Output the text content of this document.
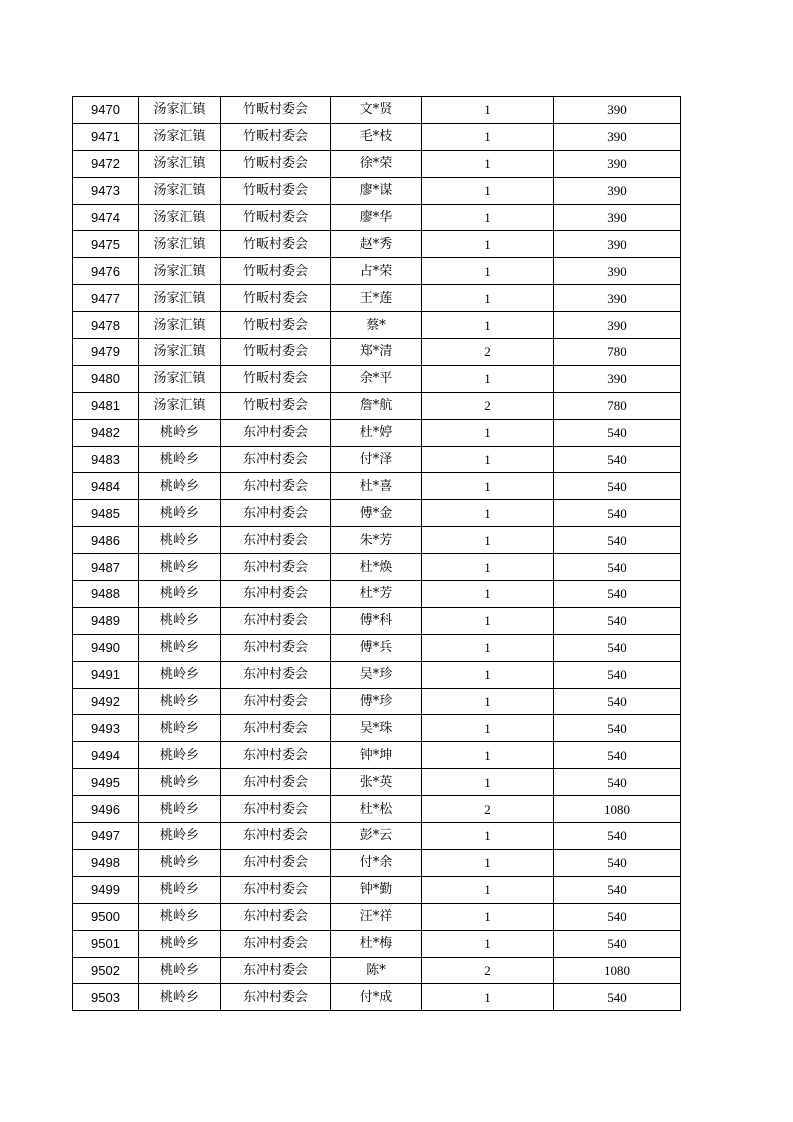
9470	汤家汇镇	竹畈村委会	文*贤	1	390
9471	汤家汇镇	竹畈村委会	毛*枝	1	390
9472	汤家汇镇	竹畈村委会	徐*荣	1	390
9473	汤家汇镇	竹畈村委会	廖*谋	1	390
9474	汤家汇镇	竹畈村委会	廖*华	1	390
9475	汤家汇镇	竹畈村委会	赵*秀	1	390
9476	汤家汇镇	竹畈村委会	占*荣	1	390
9477	汤家汇镇	竹畈村委会	王*莲	1	390
9478	汤家汇镇	竹畈村委会	蔡*	1	390
9479	汤家汇镇	竹畈村委会	郑*清	2	780
9480	汤家汇镇	竹畈村委会	余*平	1	390
9481	汤家汇镇	竹畈村委会	詹*航	2	780
9482	桃岭乡	东冲村委会	杜*婷	1	540
9483	桃岭乡	东冲村委会	付*泽	1	540
9484	桃岭乡	东冲村委会	杜*喜	1	540
9485	桃岭乡	东冲村委会	傅*金	1	540
9486	桃岭乡	东冲村委会	朱*芳	1	540
9487	桃岭乡	东冲村委会	杜*焕	1	540
9488	桃岭乡	东冲村委会	杜*芳	1	540
9489	桃岭乡	东冲村委会	傅*科	1	540
9490	桃岭乡	东冲村委会	傅*兵	1	540
9491	桃岭乡	东冲村委会	吴*珍	1	540
9492	桃岭乡	东冲村委会	傅*珍	1	540
9493	桃岭乡	东冲村委会	吴*珠	1	540
9494	桃岭乡	东冲村委会	钟*坤	1	540
9495	桃岭乡	东冲村委会	张*英	1	540
9496	桃岭乡	东冲村委会	杜*松	2	1080
9497	桃岭乡	东冲村委会	彭*云	1	540
9498	桃岭乡	东冲村委会	付*余	1	540
9499	桃岭乡	东冲村委会	钟*勤	1	540
9500	桃岭乡	东冲村委会	汪*祥	1	540
9501	桃岭乡	东冲村委会	杜*梅	1	540
9502	桃岭乡	东冲村委会	陈*	2	1080
9503	桃岭乡	东冲村委会	付*成	1	540
